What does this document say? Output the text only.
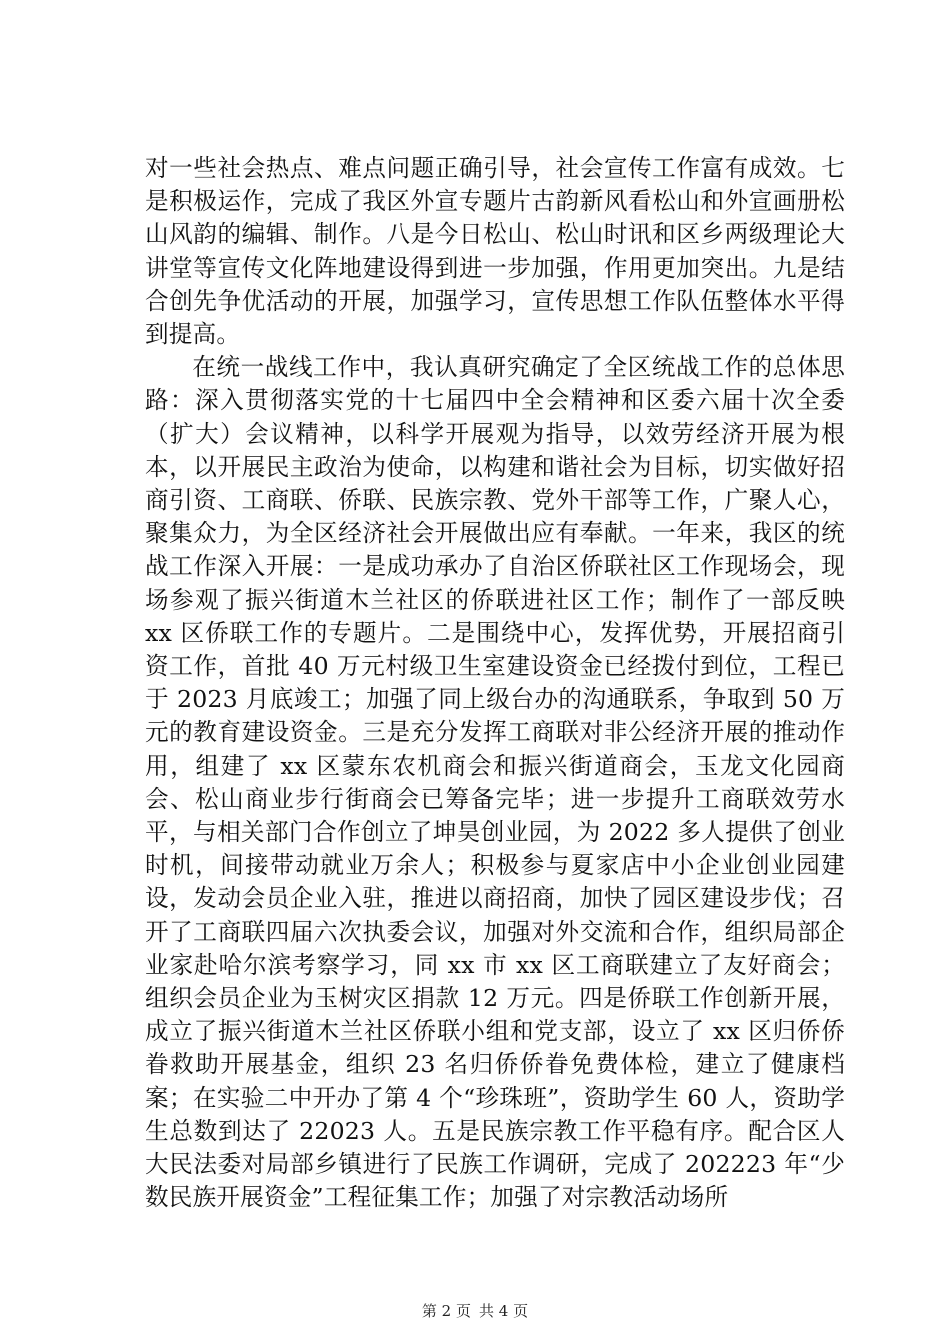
对一些社会热点、难点问题正确引导，社会宣传工作富有成效。七是积极运作，完成了我区外宣专题片古韵新风看松山和外宣画册松山风韵的编辑、制作。八是今日松山、松山时讯和区乡两级理论大讲堂等宣传文化阵地建设得到进一步加强，作用更加突出。九是结合创先争优活动的开展，加强学习，宣传思想工作队伍整体水平得到提高。

在统一战线工作中，我认真研究确定了全区统战工作的总体思路：深入贯彻落实党的十七届四中全会精神和区委六届十次全委（扩大）会议精神，以科学开展观为指导，以效劳经济开展为根本，以开展民主政治为使命，以构建和谐社会为目标，切实做好招商引资、工商联、侨联、民族宗教、党外干部等工作，广聚人心，聚集众力，为全区经济社会开展做出应有奉献。一年来，我区的统战工作深入开展：一是成功承办了自治区侨联社区工作现场会，现场参观了振兴街道木兰社区的侨联进社区工作；制作了一部反映 xx 区侨联工作的专题片。二是围绕中心，发挥优势，开展招商引资工作，首批 40 万元村级卫生室建设资金已经拨付到位，工程已于 2023 月底竣工；加强了同上级台办的沟通联系，争取到 50 万元的教育建设资金。三是充分发挥工商联对非公经济开展的推动作用，组建了 xx 区蒙东农机商会和振兴街道商会，玉龙文化园商会、松山商业步行街商会已筹备完毕；进一步提升工商联效劳水平，与相关部门合作创立了坤昊创业园，为 2022 多人提供了创业时机，间接带动就业万余人；积极参与夏家店中小企业创业园建设，发动会员企业入驻，推进以商招商，加快了园区建设步伐；召开了工商联四届六次执委会议，加强对外交流和合作，组织局部企业家赴哈尔滨考察学习，同 xx 市 xx 区工商联建立了友好商会；组织会员企业为玉树灾区捐款 12 万元。四是侨联工作创新开展，成立了振兴街道木兰社区侨联小组和党支部，设立了 xx 区归侨侨眷救助开展基金，组织 23 名归侨侨眷免费体检，建立了健康档案；在实验二中开办了第 4 个“珍珠班”，资助学生 60 人，资助学生总数到达了 22023 人。五是民族宗教工作平稳有序。配合区人大民法委对局部乡镇进行了民族工作调研，完成了 202223 年“少数民族开展资金”工程征集工作；加强了对宗教活动场所

第 2 页 共 4 页
